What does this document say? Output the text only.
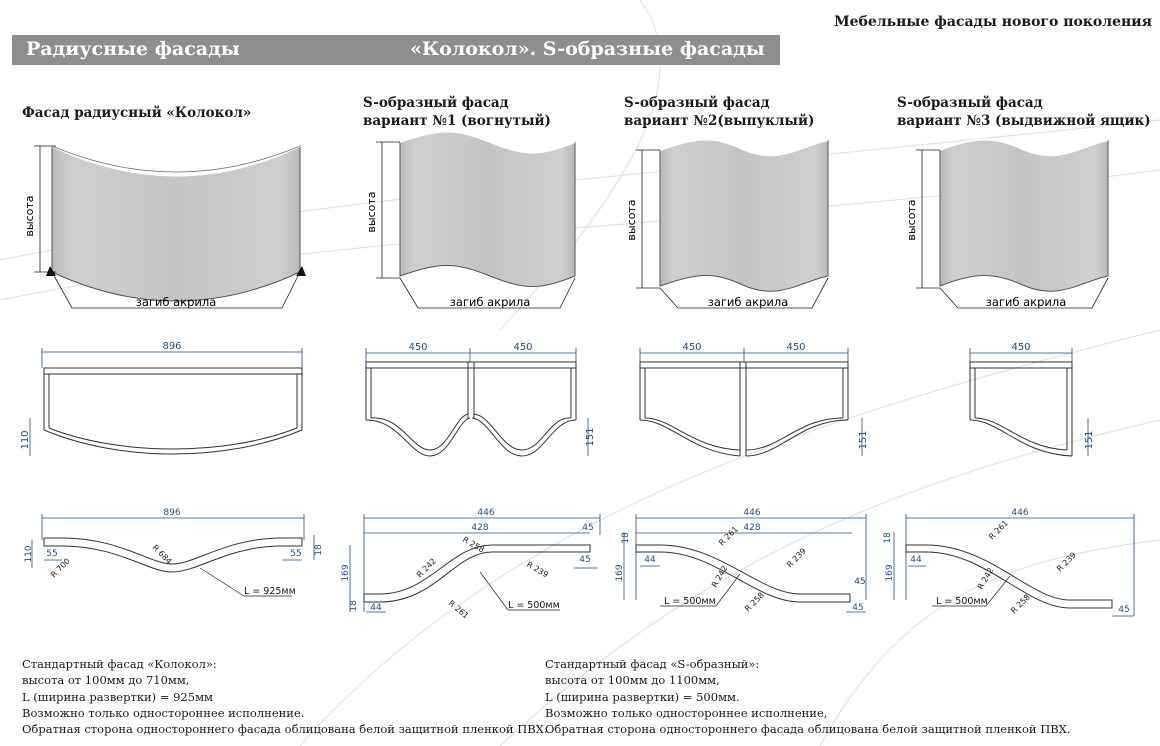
Мебельные фасады нового поколения
Радиусные фасады	«Колокол». S-образные фасады
Фасад радиусный «Колокол»
S-образный фасад
вариант №1 (вогнутый)
S-образный фасад
вариант №2(выпуклый)
S-образный фасад
вариант №3 (выдвижной ящик)
высота
загиб акрила
высота
загиб акрила
высота
загиб акрила
высота
загиб акрила
896
110
450	450
151
450	450
151
450
151
896
110 55	55 18
446
428	45
45
169
18 44
446
428
18
44
169
45
45
446
18
44
169
45
R 684
R 700
R 258
R 242	R 239
R 261
R 261
R 239
R 242
R 258
R 261
R 239
R 242
R 258
L = 925мм
L = 500мм	L = 500мм	L = 500мм
Стандартный фасад «Колокол»:
высота от 100мм до 710мм,
L (ширина развертки) = 925мм
Возможно только одностороннее исполнение.
Обратная сторона одностороннего фасада облицована белой защитной пленкой ПВХ.
Стандартный фасад «S-образный»:
высота от 100мм до 1100мм,
L (ширина развертки) = 500мм.
Возможно только одностороннее исполнение,
Обратная сторона одностороннего фасада облицована белой защитной пленкой ПВХ.
